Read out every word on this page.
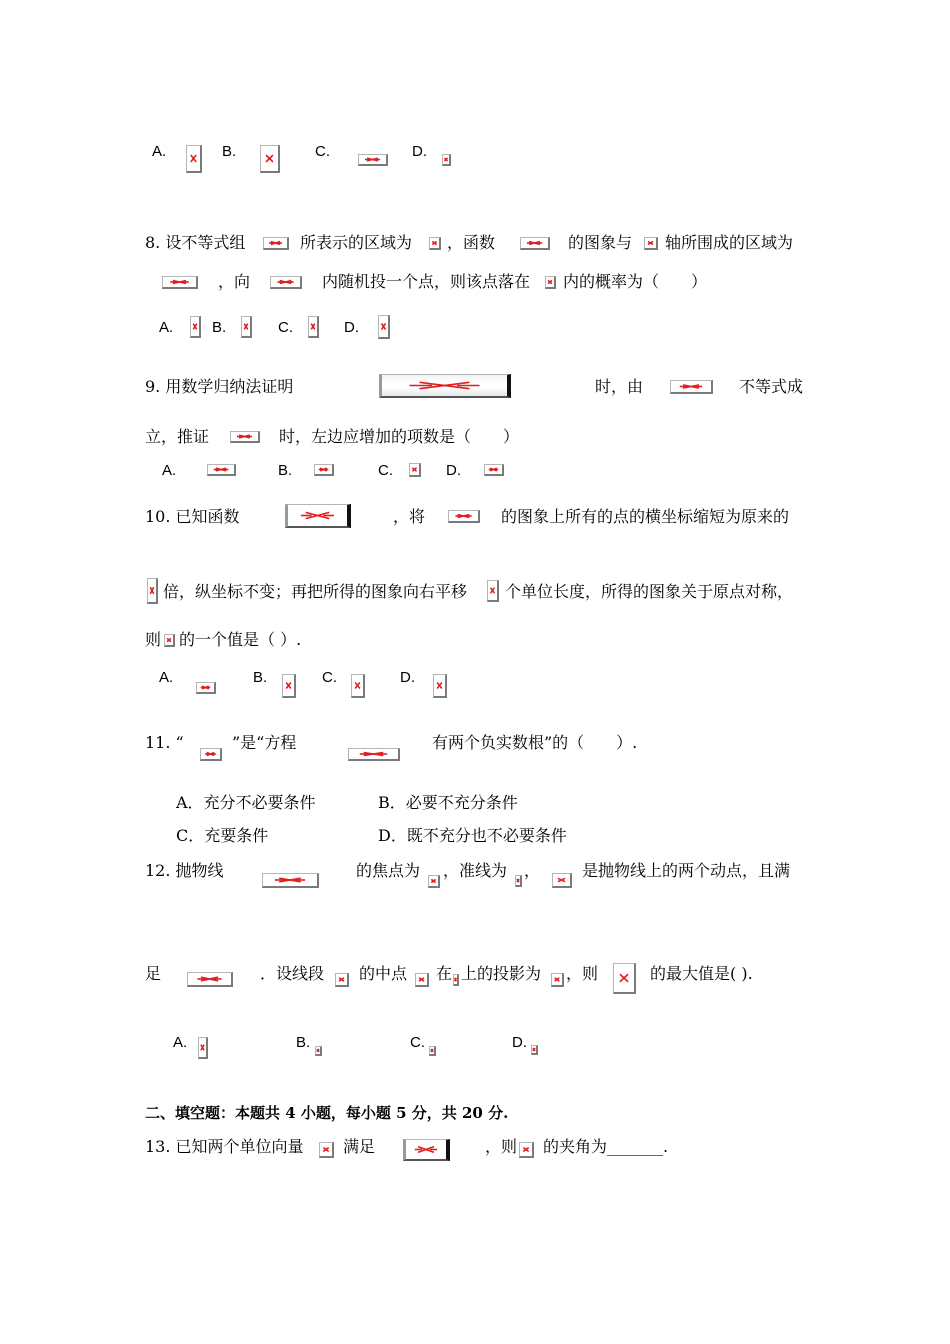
A.	B.	C.	D.
8. 设不等式组	所表示的区域为 ，函数	的图象与 轴所围成的区域为
，向	内随机投一个点，则该点落在 内的概率为（　　）
A.	B.	C.	D.
9. 用数学归纳法证明	时，由	不等式成
立，推证	时，左边应增加的项数是（　　）
A.	B.	C.	D.
10. 已知函数	，将	的图象上所有的点的横坐标缩短为原来的
倍，纵坐标不变；再把所得的图象向右平移 个单位长度，所得的图象关于原点对称，
则 的一个值是（ ）.
A.	B.	C.	D.
11. “	”是“方程	有两个负实数根”的（　　）.
A．充分不必要条件	B．必要不充分条件
C．充要条件	D．既不充分也不必要条件
12. 抛物线	的焦点为 ，准线为 ，	是抛物线上的两个动点，且满
足	．设线段 的中点 在 上的投影为 ，则	的最大值是( ).
A.	B.	C.	D.
二、填空题：本题共 4 小题，每小题 5 分，共 20 分.
13. 已知两个单位向量 满足	，则 的夹角为_______.
